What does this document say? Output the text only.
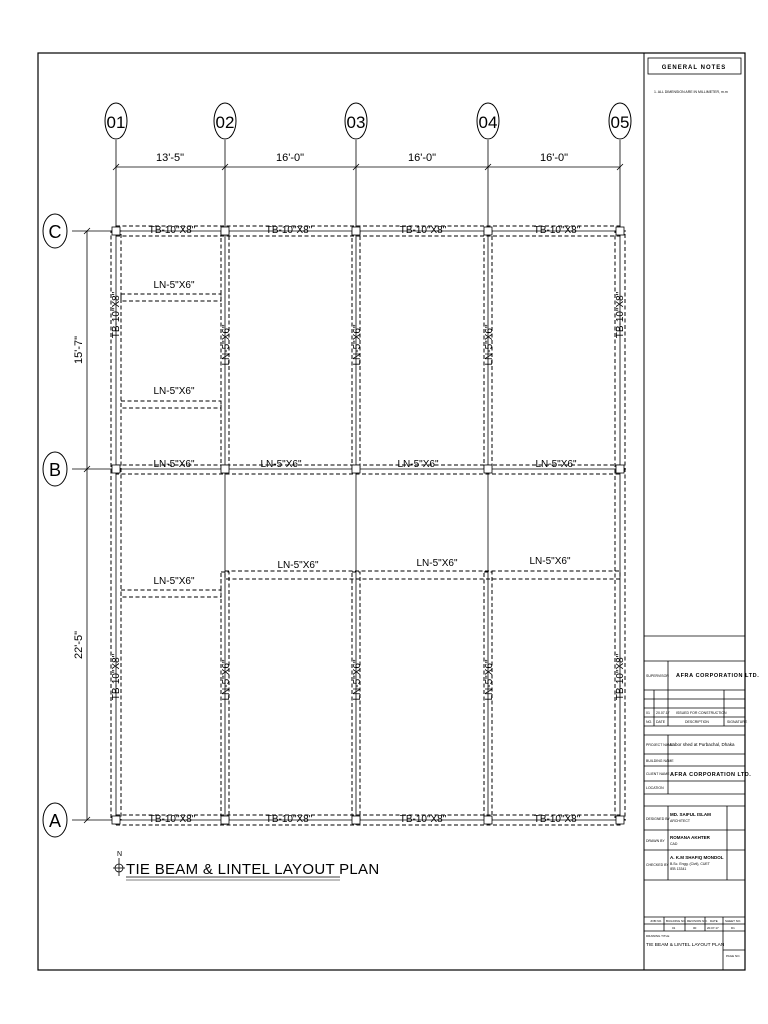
13'-5"	16'-0"	16'-0"	16'-0"
15'-7"
22'-5"
01	02	03	04	05
C
B
A
TB-10"X8"	TB-10"X8"	TB-10"X8"	TB-10"X8"
TB-10"X8"	TB-10"X8"	TB-10"X8"	TB-10"X8"
LN-5"X6"	LN-5"X6"	LN-5"X6"	LN-5"X6"
LN-5"X6"
LN-5"X6"
LN-5"X6"
LN-5"X6"	LN-5"X6"	LN-5"X6"
TB-10"X8"	TB-10"X8"
TB-10"X8"	TB-10"X8"
LN-5"X6"	LN-5"X6"	LN-5"X6"
LN-5"X6"	LN-5"X6"	LN-5"X6"
N
TIE BEAM & LINTEL LAYOUT PLAN
GENERAL NOTES
1. ALL DIMENSION ARE IN MILLIMETER, m.m
SUPERVISOR AFRA CORPORATION LTD.
01 20.07.17 ISSUED FOR CONSTRUCTION
NO. DATE	DESCRIPTION	SIGNATURE
PROJECT NAME
Labor shed at Purbachal, Dhaka
BUILDING NAME
CLIENT NAME AFRA CORPORATION LTD.
LOCATION
DESIGNED BY
MD. SAIFUL ISLAM
ARCHITECT
DRAWN BY
ROMANA AKHTER
CAD
CHECKED BY
A. K.M SHAFIQ MONDOL
B.Sc. Engg. (Civil), CUET
IEB 13341
JOB NO. BUILDING NO. REVISION NO. DATE SHEET NO.
01	00	20.07.17	D1
DRAWING TITLE
TIE BEAM & LINTEL LAYOUT PLAN
PAGE NO.
